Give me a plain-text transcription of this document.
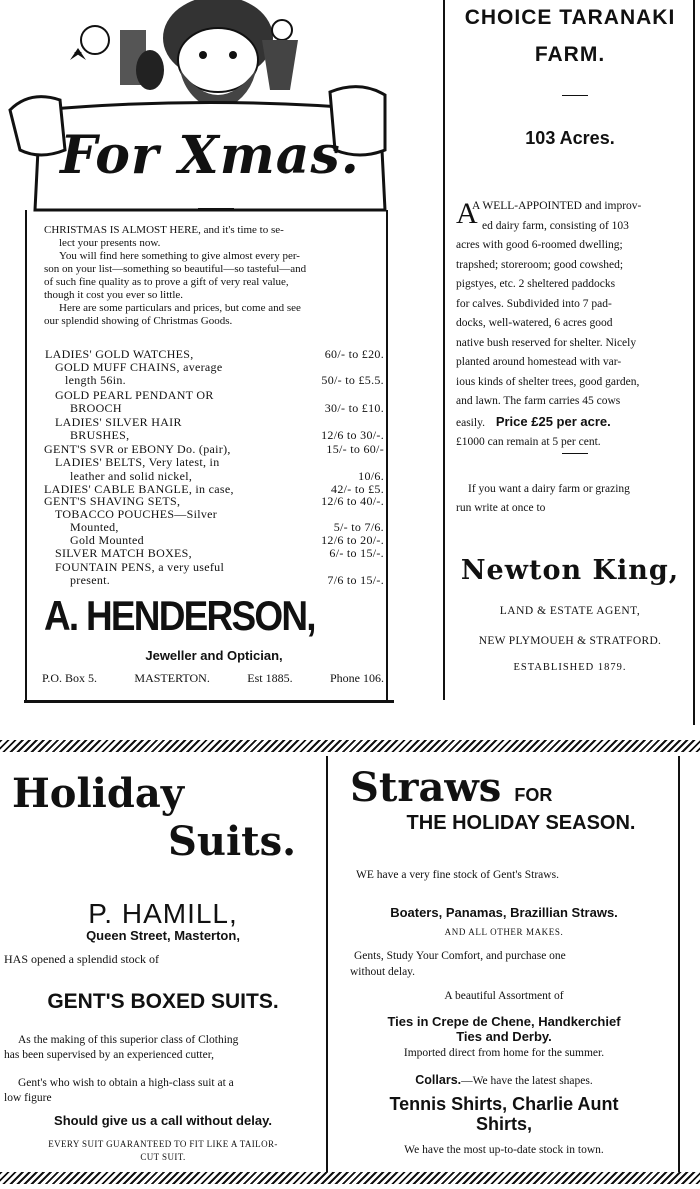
For Xmas.
CHRISTMAS IS ALMOST HERE, and it's time to se-
lect your presents now.
You will find here something to give almost every per-
son on your list—something so beautiful—so tasteful—and
of such fine quality as to prove a gift of very real value,
though it cost you ever so little.
Here are some particulars and prices, but come and see
our splendid showing of Christmas Goods.
LADIES' GOLD WATCHES,	60/- to £20.
GOLD MUFF CHAINS, average
length 56in.	50/- to £5.5.
GOLD PEARL PENDANT OR
BROOCH	30/- to £10.
LADIES' SILVER HAIR
BRUSHES,	12/6 to 30/-.
GENT'S SVR or EBONY Do. (pair),	15/- to 60/-
LADIES' BELTS, Very latest, in
leather and solid nickel,	10/6.
LADIES' CABLE BANGLE, in case,	42/- to £5.
GENT'S SHAVING SETS,	12/6 to 40/-.
TOBACCO POUCHES—Silver
Mounted,	5/- to 7/6.
Gold Mounted	12/6 to 20/-.
SILVER MATCH BOXES,	6/- to 15/-.
FOUNTAIN PENS, a very useful
present.	7/6 to 15/-.
A. HENDERSON,
Jeweller and Optician,
P.O. Box 5.	MASTERTON.	Est 1885.	Phone 106.
CHOICE TARANAKI
FARM.
103 Acres.
A
A WELL-APPOINTED and improv-
ed dairy farm, consisting of 103
acres with good 6-roomed dwelling;
trapshed; storeroom; good cowshed;
pigstyes, etc. 2 sheltered paddocks
for calves. Subdivided into 7 pad-
docks, well-watered, 6 acres good
native bush reserved for shelter. Nicely
planted around homestead with var-
ious kinds of shelter trees, good garden,
and lawn. The farm carries 45 cows
easily. Price £25 per acre.
£1000 can remain at 5 per cent.
If you want a dairy farm or grazing
run write at once to
Newton King,
LAND & ESTATE AGENT,
NEW PLYMOUEH & STRATFORD.
ESTABLISHED 1879.
Holiday
Suits.
P. HAMILL,
Queen Street, Masterton,
HAS opened a splendid stock of
GENT'S BOXED SUITS.
As the making of this superior class of Clothing
has been supervised by an experienced cutter,
Gent's who wish to obtain a high-class suit at a
low figure
Should give us a call without delay.
EVERY SUIT GUARANTEED TO FIT LIKE A TAILOR-
CUT SUIT.
Straws FOR
THE HOLIDAY SEASON.
WE have a very fine stock of Gent's Straws.
Boaters, Panamas, Brazillian Straws.
AND ALL OTHER MAKES.
Gents, Study Your Comfort, and purchase one
without delay.
A beautiful Assortment of
Ties in Crepe de Chene, Handkerchief
Ties and Derby.
Imported direct from home for the summer.
Collars.—We have the latest shapes.
Tennis Shirts, Charlie Aunt
Shirts,
We have the most up-to-date stock in town.
